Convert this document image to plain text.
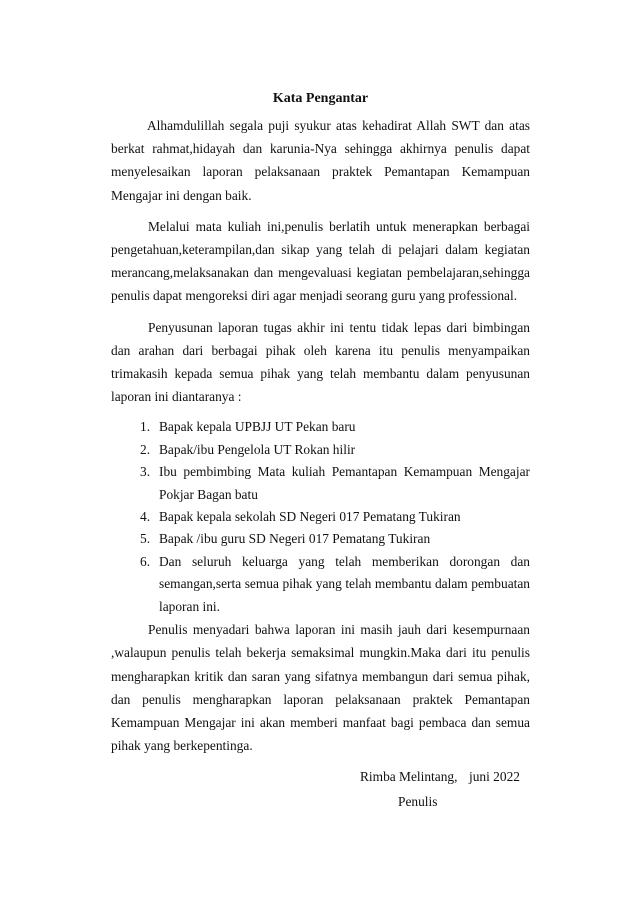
Kata Pengantar

Alhamdulillah segala puji syukur atas kehadirat Allah SWT dan atas berkat rahmat,hidayah dan karunia-Nya sehingga akhirnya penulis dapat menyelesaikan laporan pelaksanaan praktek Pemantapan Kemampuan Mengajar ini dengan baik.

Melalui mata kuliah ini,penulis berlatih untuk menerapkan berbagai pengetahuan,keterampilan,dan sikap yang telah di pelajari dalam kegiatan merancang,melaksanakan dan mengevaluasi kegiatan pembelajaran,sehingga penulis dapat mengoreksi diri agar menjadi seorang guru yang professional.

Penyusunan laporan tugas akhir ini tentu tidak lepas dari bimbingan dan arahan dari berbagai pihak oleh karena itu penulis menyampaikan trimakasih kepada semua pihak yang telah membantu dalam penyusunan laporan ini diantaranya :

1. Bapak kepala UPBJJ UT Pekan baru
2. Bapak/ibu Pengelola UT Rokan hilir
3. Ibu pembimbing Mata kuliah Pemantapan Kemampuan Mengajar Pokjar Bagan batu
4. Bapak kepala sekolah SD Negeri 017 Pematang Tukiran
5. Bapak /ibu guru SD Negeri 017 Pematang Tukiran
6. Dan seluruh keluarga yang telah memberikan dorongan dan semangan,serta semua pihak yang telah membantu dalam pembuatan laporan ini.

Penulis menyadari bahwa laporan ini masih jauh dari kesempurnaan ,walaupun penulis telah bekerja semaksimal mungkin.Maka dari itu penulis mengharapkan kritik dan saran yang sifatnya membangun dari semua pihak, dan penulis mengharapkan laporan pelaksanaan praktek Pemantapan Kemampuan Mengajar ini akan memberi manfaat bagi pembaca dan semua pihak yang berkepentinga.

Rimba Melintang, juni 2022
Penulis
